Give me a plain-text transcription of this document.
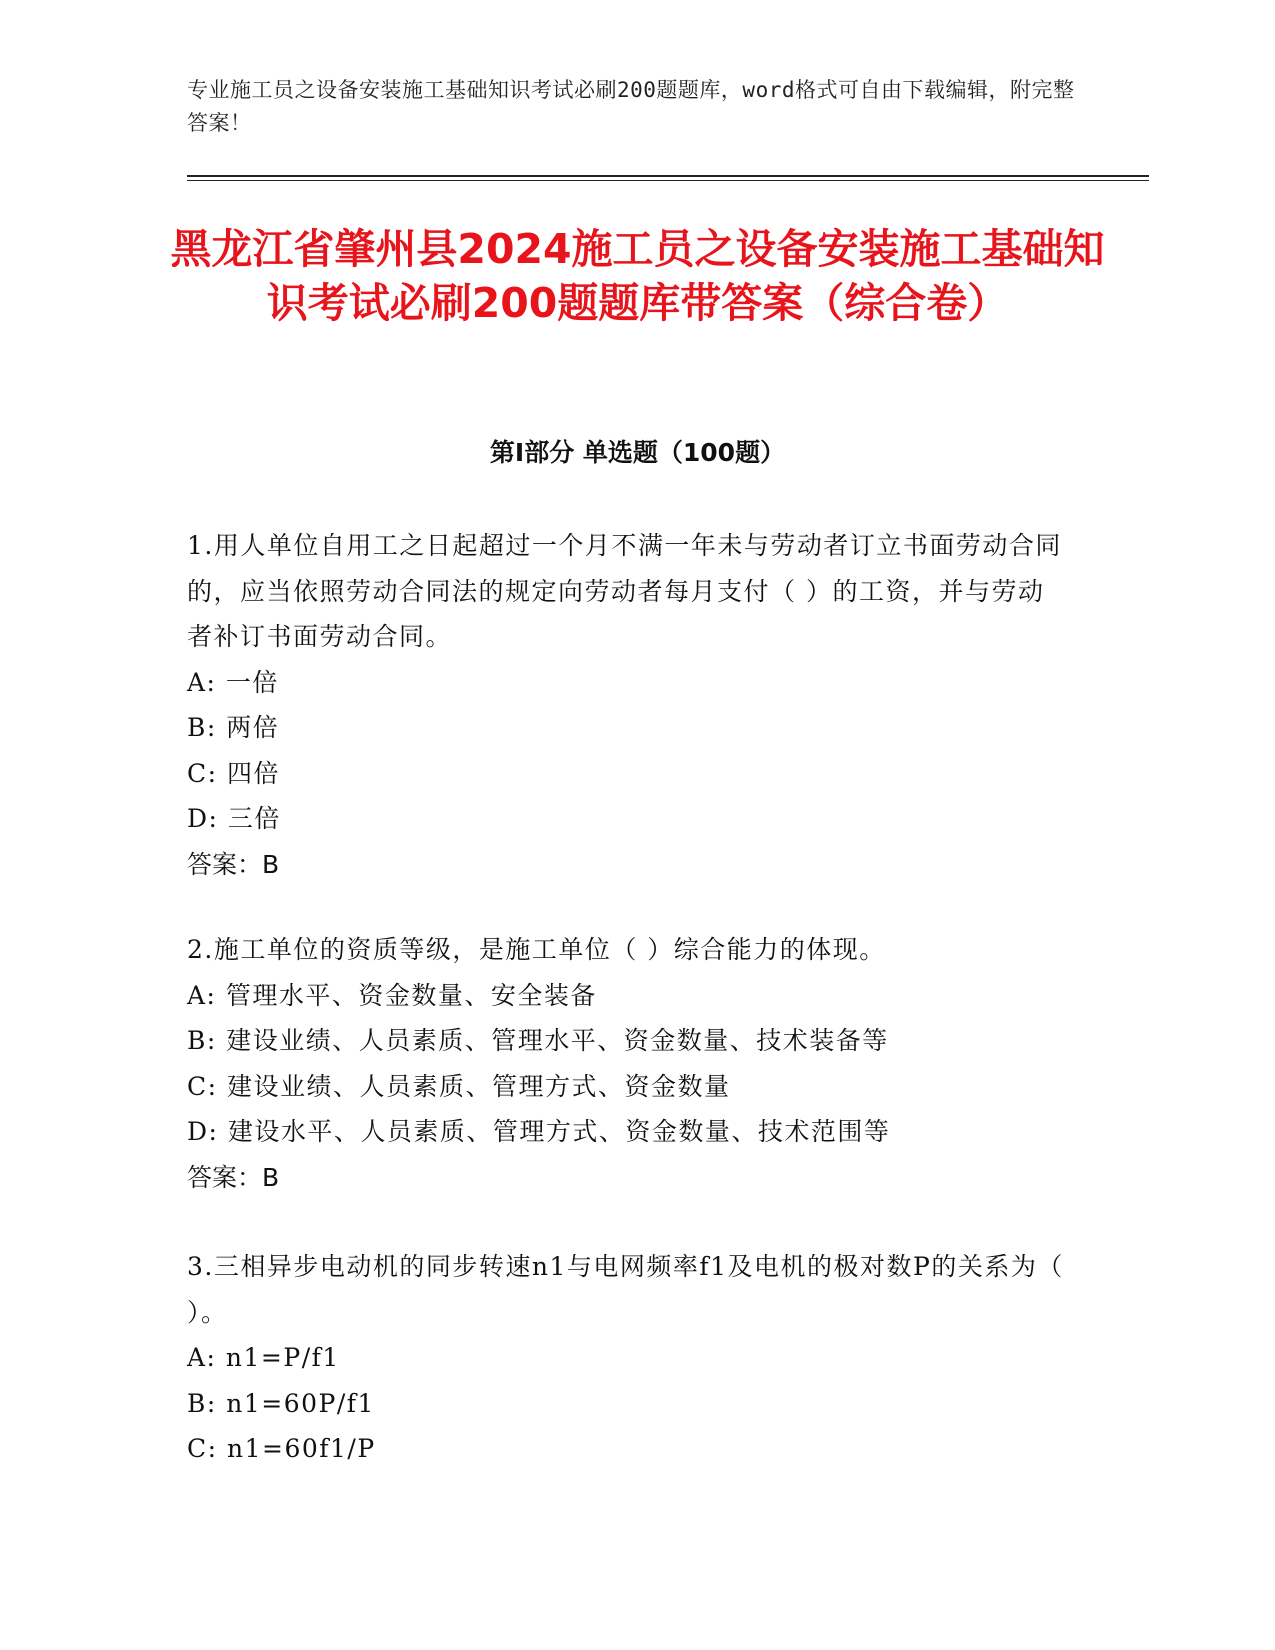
专业施工员之设备安装施工基础知识考试必刷200题题库，word格式可自由下载编辑，附完整答案！
黑龙江省肇州县2024施工员之设备安装施工基础知识考试必刷200题题库带答案（综合卷）
第I部分 单选题（100题）

1.用人单位自用工之日起超过一个月不满一年未与劳动者订立书面劳动合同的，应当依照劳动合同法的规定向劳动者每月支付（ ）的工资，并与劳动者补订书面劳动合同。

A: 一倍

B: 两倍

C: 四倍

D: 三倍

答案：B

2.施工单位的资质等级，是施工单位（ ）综合能力的体现。

A: 管理水平、资金数量、安全装备

B: 建设业绩、人员素质、管理水平、资金数量、技术装备等

C: 建设业绩、人员素质、管理方式、资金数量

D: 建设水平、人员素质、管理方式、资金数量、技术范围等

答案：B

3.三相异步电动机的同步转速n1与电网频率f1及电机的极对数P的关系为（ ）。

A: n1=P/f1

B: n1=60P/f1

C: n1=60f1/P
